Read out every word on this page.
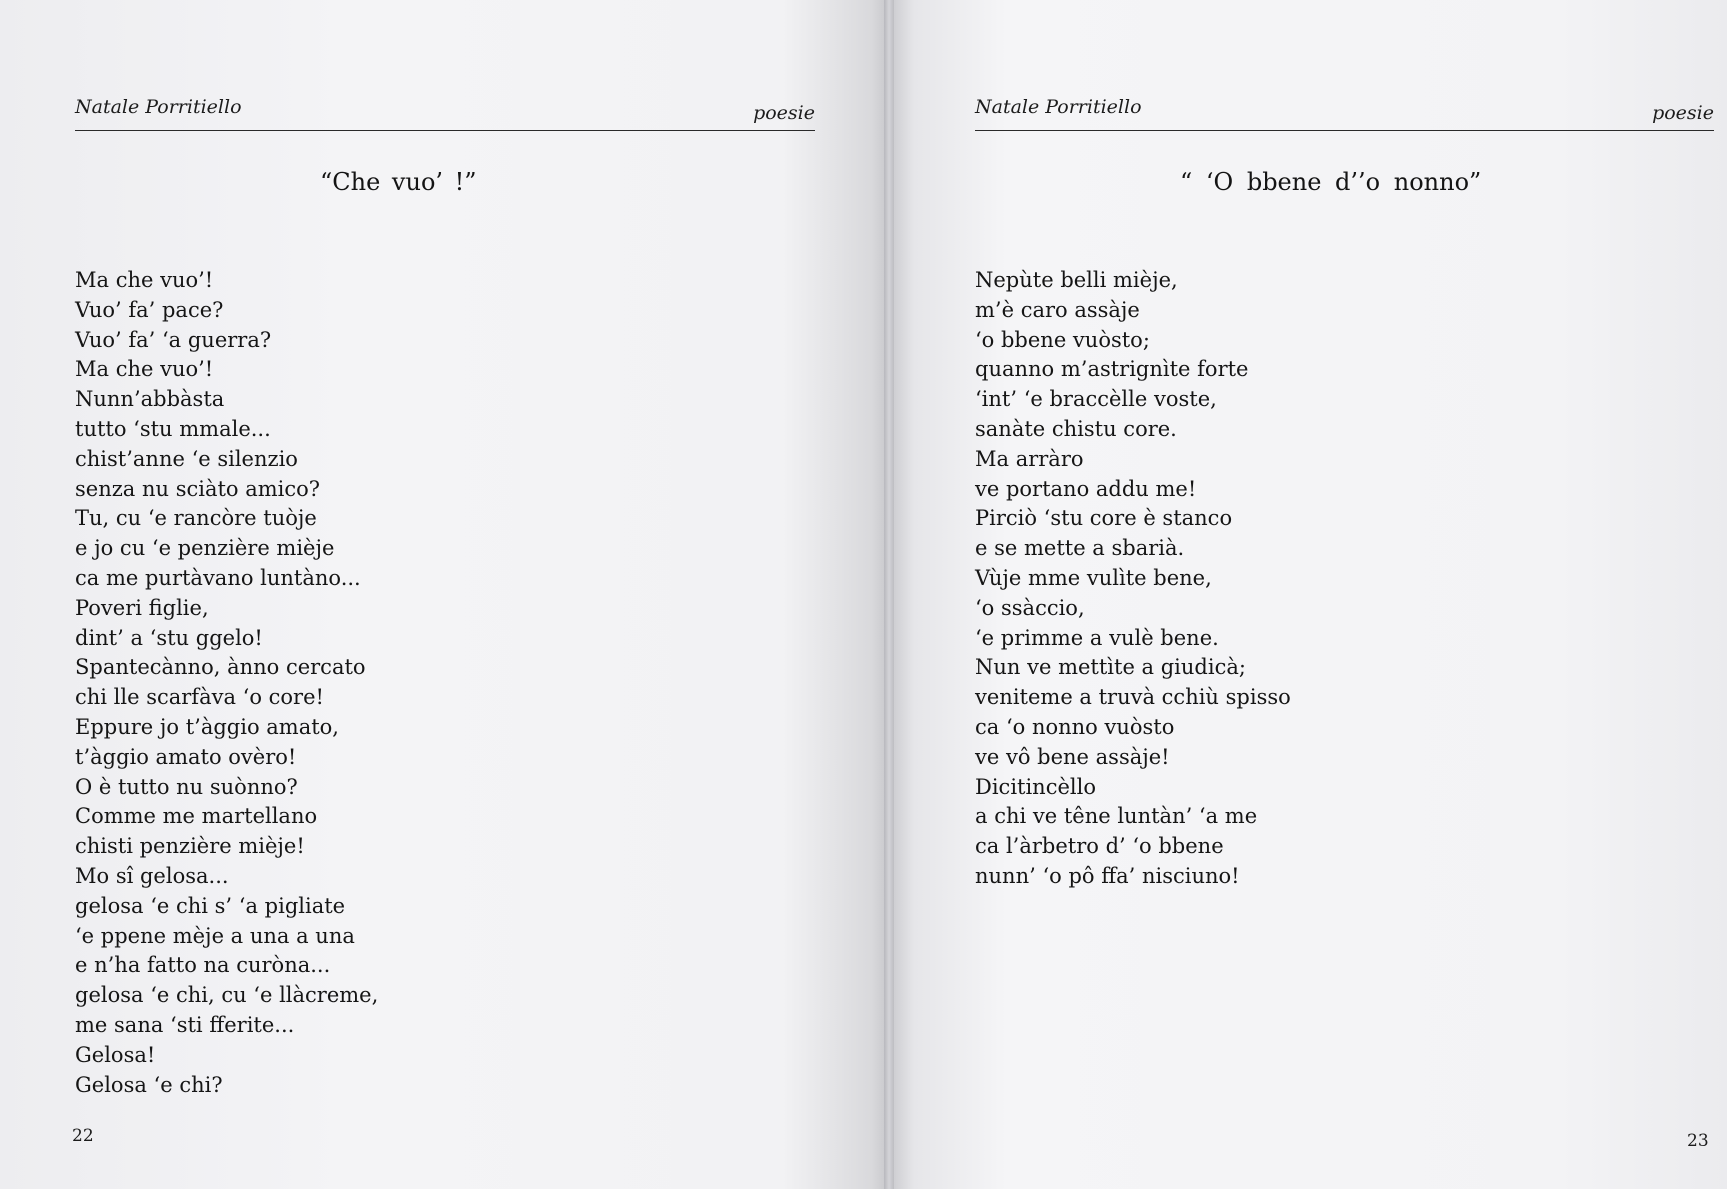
Natale Porritiello	poesie
“Che vuo’ !”
Ma che vuo’!
Vuo’ fa’ pace?
Vuo’ fa’ ‘a guerra?
Ma che vuo’!
Nunn’abbàsta
tutto ‘stu mmale...
chist’anne ‘e silenzio
senza nu sciàto amico?
Tu, cu ‘e rancòre tuòje
e jo cu ‘e penzière mièje
ca me purtàvano luntàno...
Poveri figlie,
dint’ a ‘stu ggelo!
Spantecànno, ànno cercato
chi lle scarfàva ‘o core!
Eppure jo t’àggio amato,
t’àggio amato ovèro!
O è tutto nu suònno?
Comme me martellano
chisti penzière mièje!
Mo sî gelosa...
gelosa ‘e chi s’ ‘a pigliate
‘e ppene mèje a una a una
e n’ha fatto na curòna...
gelosa ‘e chi, cu ‘e llàcreme,
me sana ‘sti fferite...
Gelosa!
Gelosa ‘e chi?
22
Natale Porritiello	poesie
“ ‘O bbene d’’o nonno”
Nepùte belli mièje,
m’è caro assàje
‘o bbene vuòsto;
quanno m’astrignìte forte
‘int’ ‘e braccèlle voste,
sanàte chistu core.
Ma arràro
ve portano addu me!
Pirciò ‘stu core è stanco
e se mette a sbarià.
Vùje mme vulìte bene,
‘o ssàccio,
‘e primme a vulè bene.
Nun ve mettìte a giudicà;
veniteme a truvà cchiù spisso
ca ‘o nonno vuòsto
ve vô bene assàje!
Dicitincèllo
a chi ve têne luntàn’ ‘a me
ca l’àrbetro d’ ‘o bbene
nunn’ ‘o pô ffa’ nisciuno!
23
